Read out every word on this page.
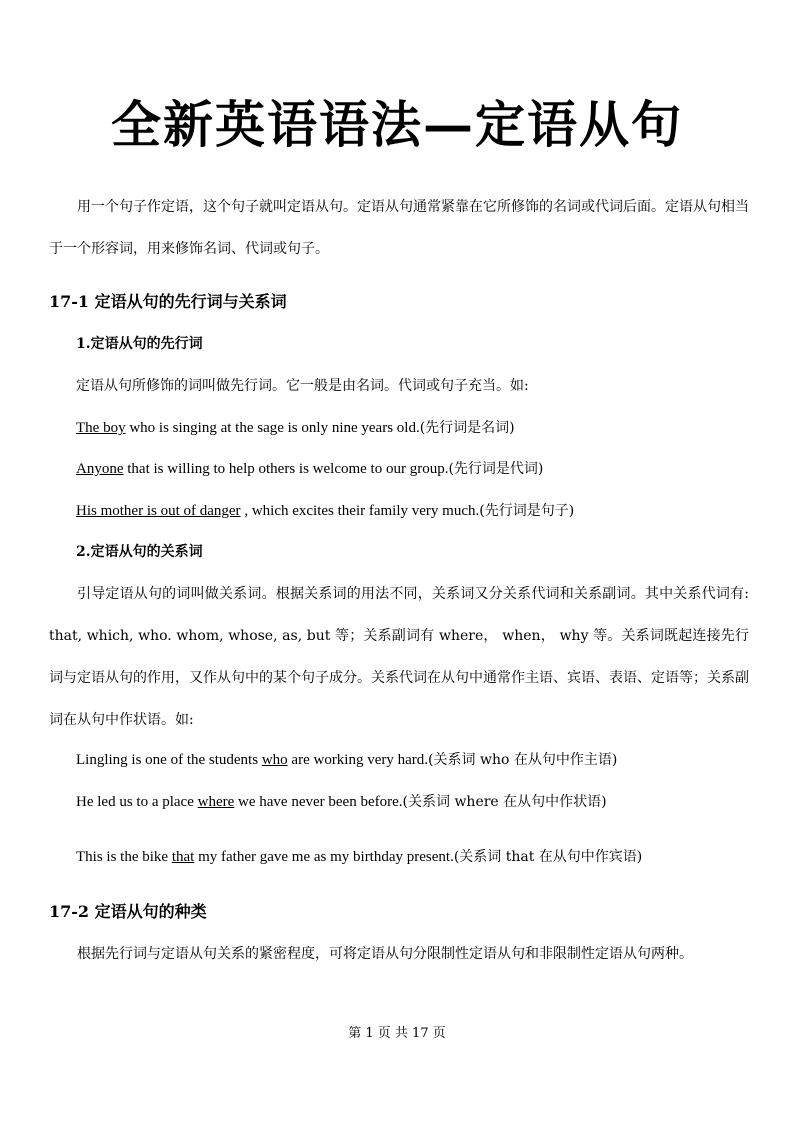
全新英语语法—定语从句
用一个句子作定语，这个句子就叫定语从句。定语从句通常紧靠在它所修饰的名词或代词后面。定语从句相当于一个形容词，用来修饰名词、代词或句子。
17-1 定语从句的先行词与关系词
1.定语从句的先行词
定语从句所修饰的词叫做先行词。它一般是由名词。代词或句子充当。如:
The boy who is singing at the sage is only nine years old.(先行词是名词)
Anyone that is willing to help others is welcome to our group.(先行词是代词)
His mother is out of danger , which excites their family very much.(先行词是句子)
2.定语从句的关系词
引导定语从句的词叫做关系词。根据关系词的用法不同，关系词又分关系代词和关系副词。其中关系代词有: that, which, who. whom, whose, as, but 等；关系副词有 where， when， why 等。关系词既起连接先行词与定语从句的作用，又作从句中的某个句子成分。关系代词在从句中通常作主语、宾语、表语、定语等；关系副词在从句中作状语。如:
Lingling is one of the students who are working very hard.(关系词 who 在从句中作主语)
He led us to a place where we have never been before.(关系词 where 在从句中作状语)
This is the bike that my father gave me as my birthday present.(关系词 that 在从句中作宾语)
17-2 定语从句的种类
根据先行词与定语从句关系的紧密程度，可将定语从句分限制性定语从句和非限制性定语从句两种。
第 1 页 共 17 页
